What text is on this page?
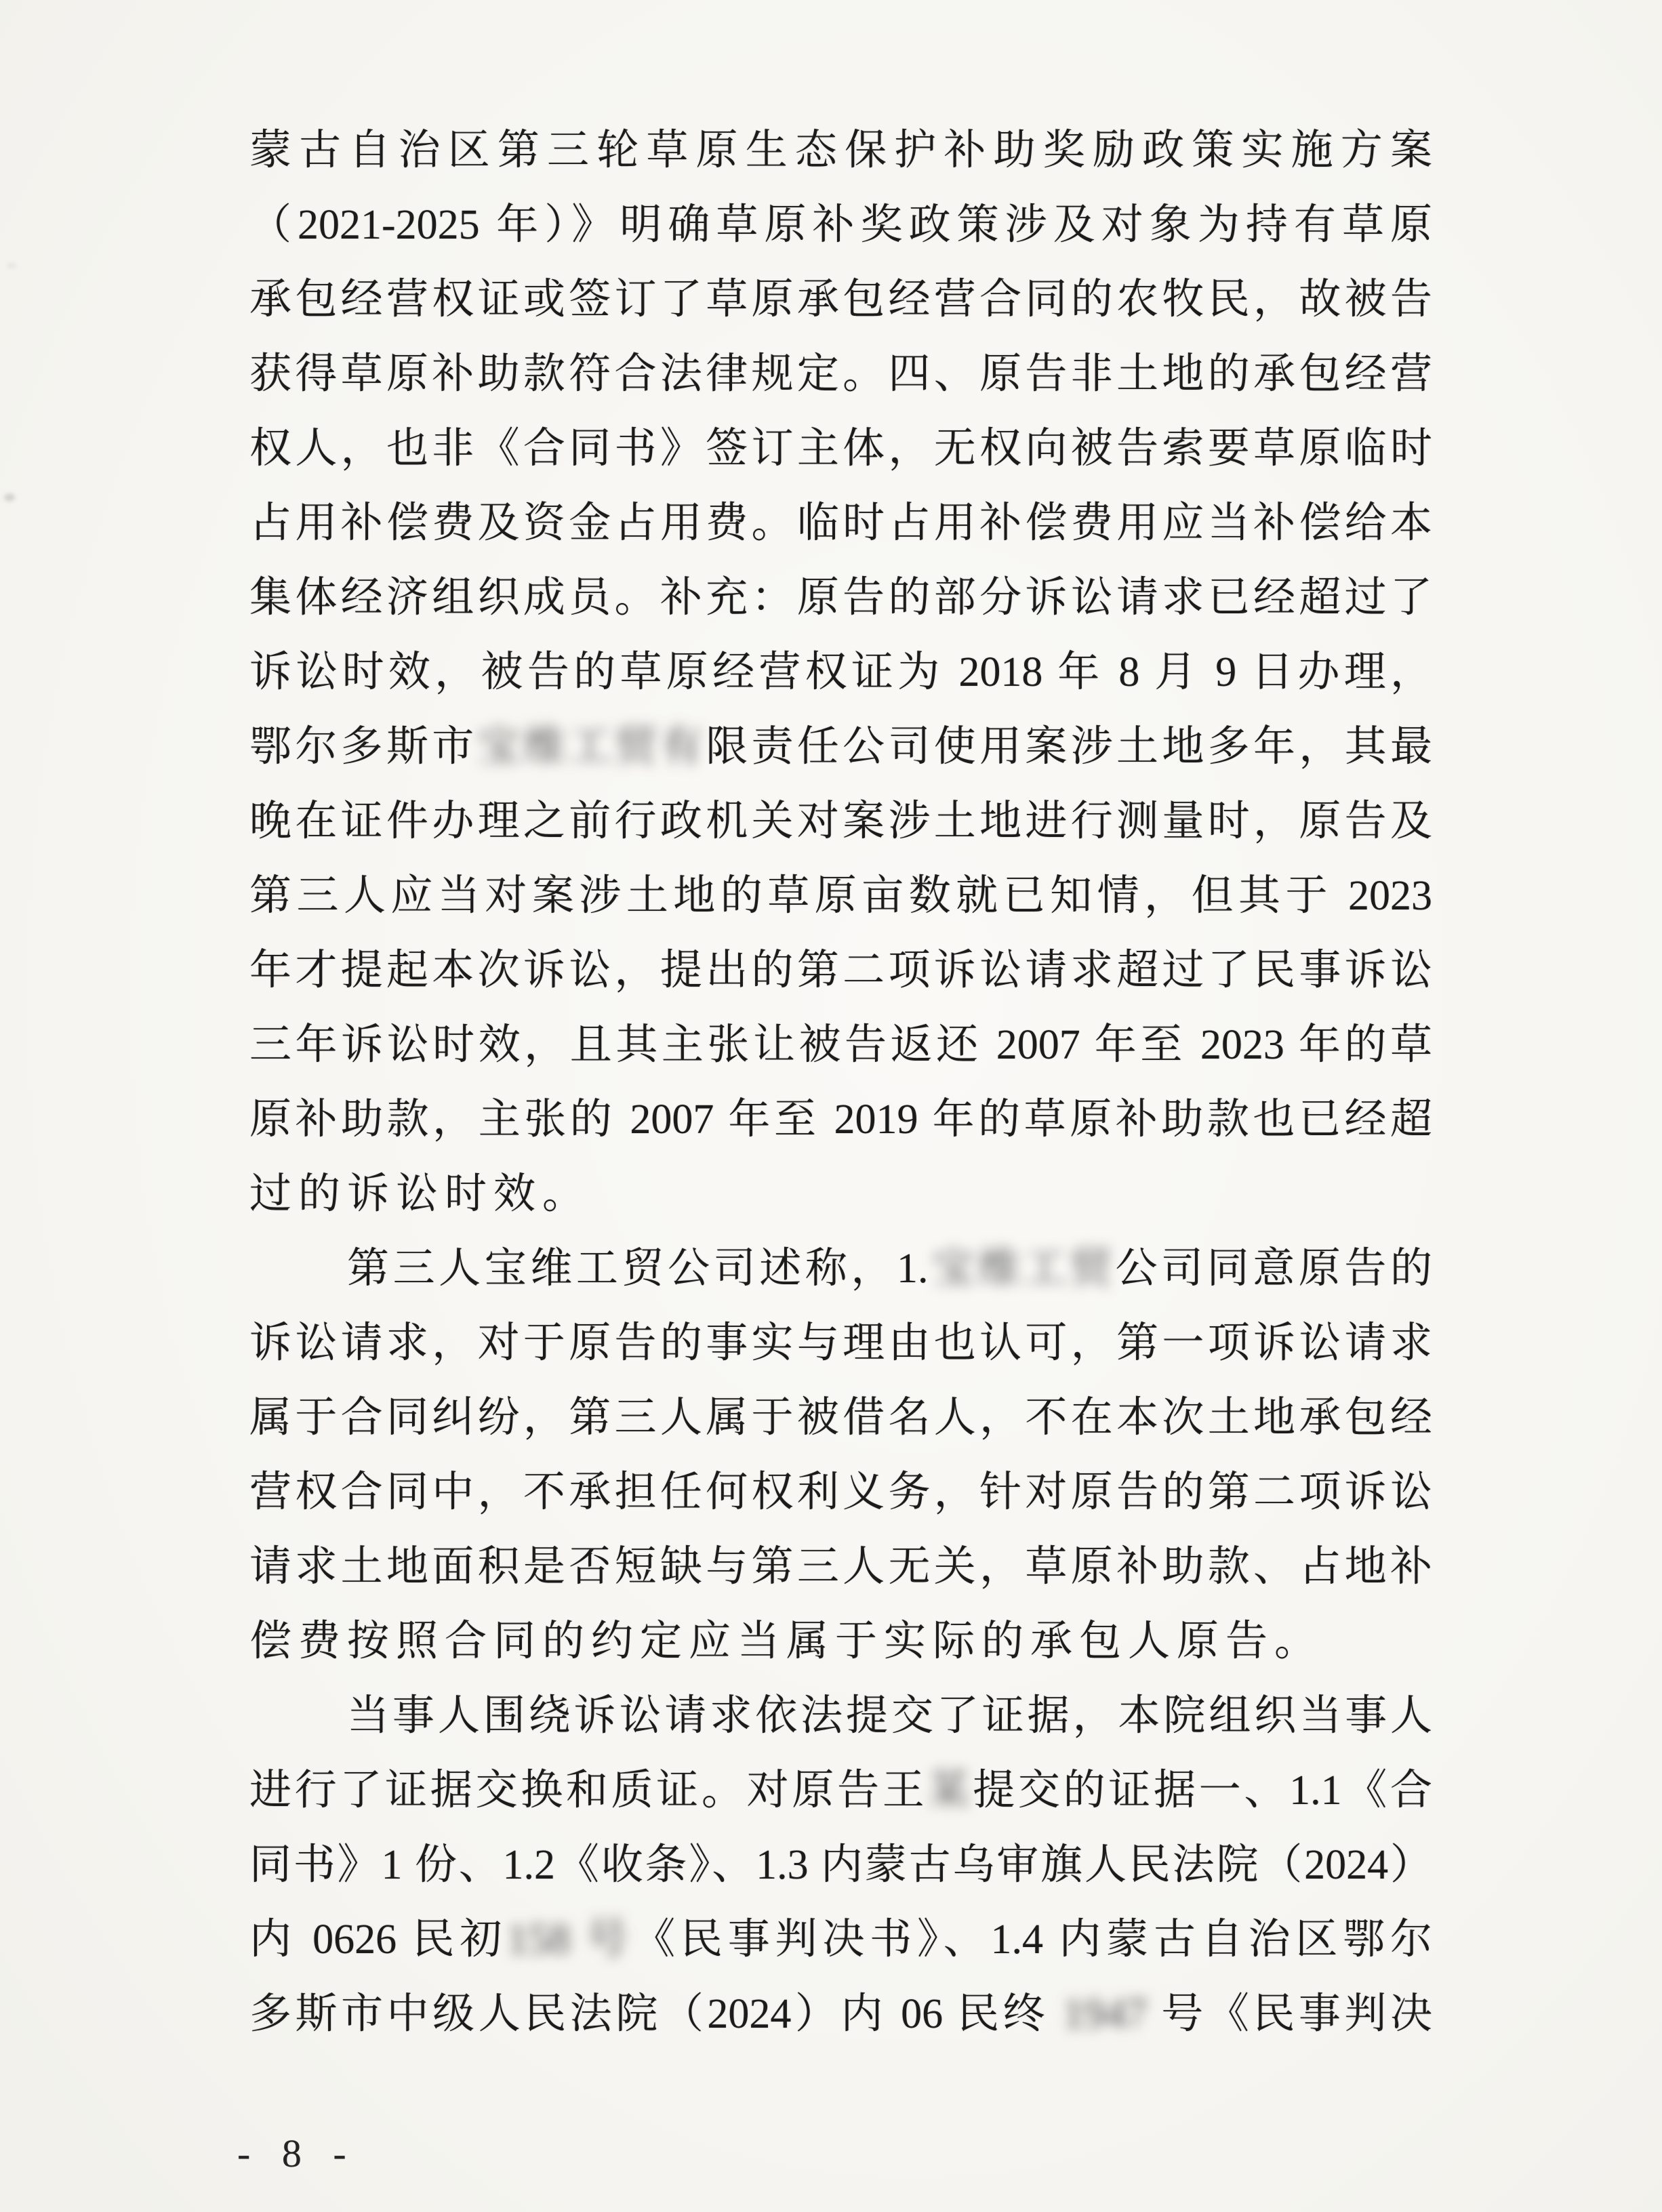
蒙古自治区第三轮草原生态保护补助奖励政策实施方案
（2021-2025 年）》明确草原补奖政策涉及对象为持有草原
承包经营权证或签订了草原承包经营合同的农牧民，故被告
获得草原补助款符合法律规定。四、原告非土地的承包经营
权人，也非《合同书》签订主体，无权向被告索要草原临时
占用补偿费及资金占用费。临时占用补偿费用应当补偿给本
集体经济组织成员。补充：原告的部分诉讼请求已经超过了
诉讼时效，被告的草原经营权证为 2018 年 8 月 9 日办理，
鄂尔多斯市宝维工贸有限责任公司使用案涉土地多年，其最
晚在证件办理之前行政机关对案涉土地进行测量时，原告及
第三人应当对案涉土地的草原亩数就已知情，但其于 2023
年才提起本次诉讼，提出的第二项诉讼请求超过了民事诉讼
三年诉讼时效，且其主张让被告返还 2007 年至 2023 年的草
原补助款，主张的 2007 年至 2019 年的草原补助款也已经超
过的诉讼时效。
第三人宝维工贸公司述称，1.宝维工贸公司同意原告的
诉讼请求，对于原告的事实与理由也认可，第一项诉讼请求
属于合同纠纷，第三人属于被借名人，不在本次土地承包经
营权合同中，不承担任何权利义务，针对原告的第二项诉讼
请求土地面积是否短缺与第三人无关，草原补助款、占地补
偿费按照合同的约定应当属于实际的承包人原告。
当事人围绕诉讼请求依法提交了证据，本院组织当事人
进行了证据交换和质证。对原告王某提交的证据一、1.1《合
同书》1 份、1.2《收条》、1.3 内蒙古乌审旗人民法院（2024）
内 0626 民初158 号《民事判决书》、1.4 内蒙古自治区鄂尔
多斯市中级人民法院（2024）内 06 民终 1947 号《民事判决
- 8 -
